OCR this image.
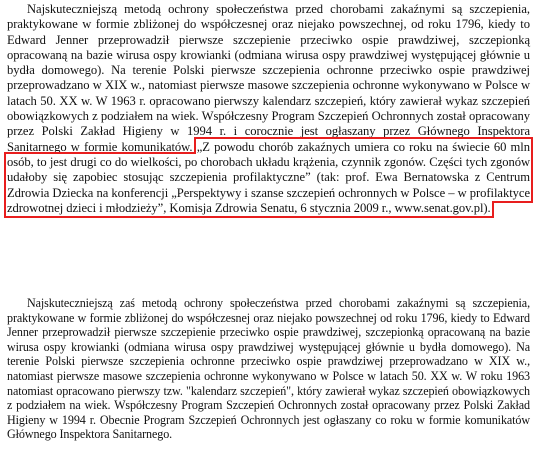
Najskuteczniejszą metodą ochrony społeczeństwa przed chorobami zakaźnymi są szczepienia, praktykowane w formie zbliżonej do współczesnej oraz niejako powszechnej, od roku 1796, kiedy to Edward Jenner przeprowadził pierwsze szczepienie przeciwko ospie prawdziwej, szczepionką opracowaną na bazie wirusa ospy krowianki (odmiana wirusa ospy prawdziwej występującej głównie u bydła domowego). Na terenie Polski pierwsze szczepienia ochronne przeciwko ospie prawdziwej przeprowadzano w XIX w., natomiast pierwsze masowe szczepienia ochronne wykonywano w Polsce w latach 50. XX w. W 1963 r. opracowano pierwszy kalendarz szczepień, który zawierał wykaz szczepień obowiązkowych z podziałem na wiek. Współczesny Program Szczepień Ochronnych został opracowany przez Polski Zakład Higieny w 1994 r. i corocznie jest ogłaszany przez Głównego Inspektora Sanitarnego w formie komunikatów. „Z powodu chorób zakaźnych umiera co roku na świecie 60 mln osób, to jest drugi co do wielkości, po chorobach układu krążenia, czynnik zgonów. Części tych zgonów udałoby się zapobiec stosując szczepienia profilaktyczne” (tak: prof. Ewa Bernatowska z Centrum Zdrowia Dziecka na konferencji „Perspektywy i szanse szczepień ochronnych w Polsce – w profilaktyce zdrowotnej dzieci i młodzieży”, Komisja Zdrowia Senatu, 6 stycznia 2009 r., www.senat.gov.pl).

Najskuteczniejszą zaś metodą ochrony społeczeństwa przed chorobami zakaźnymi są szczepienia, praktykowane w formie zbliżonej do współczesnej oraz niejako powszechnej od roku 1796, kiedy to Edward Jenner przeprowadził pierwsze szczepienie przeciwko ospie prawdziwej, szczepionką opracowaną na bazie wirusa ospy krowianki (odmiana wirusa ospy prawdziwej występującej głównie u bydła domowego). Na terenie Polski pierwsze szczepienia ochronne przeciwko ospie prawdziwej przeprowadzano w XIX w., natomiast pierwsze masowe szczepienia ochronne wykonywano w Polsce w latach 50. XX w. W roku 1963 natomiast opracowano pierwszy tzw. "kalendarz szczepień", który zawierał wykaz szczepień obowiązkowych z podziałem na wiek. Współczesny Program Szczepień Ochronnych został opracowany przez Polski Zakład Higieny w 1994 r. Obecnie Program Szczepień Ochronnych jest ogłaszany co roku w formie komunikatów Głównego Inspektora Sanitarnego.
